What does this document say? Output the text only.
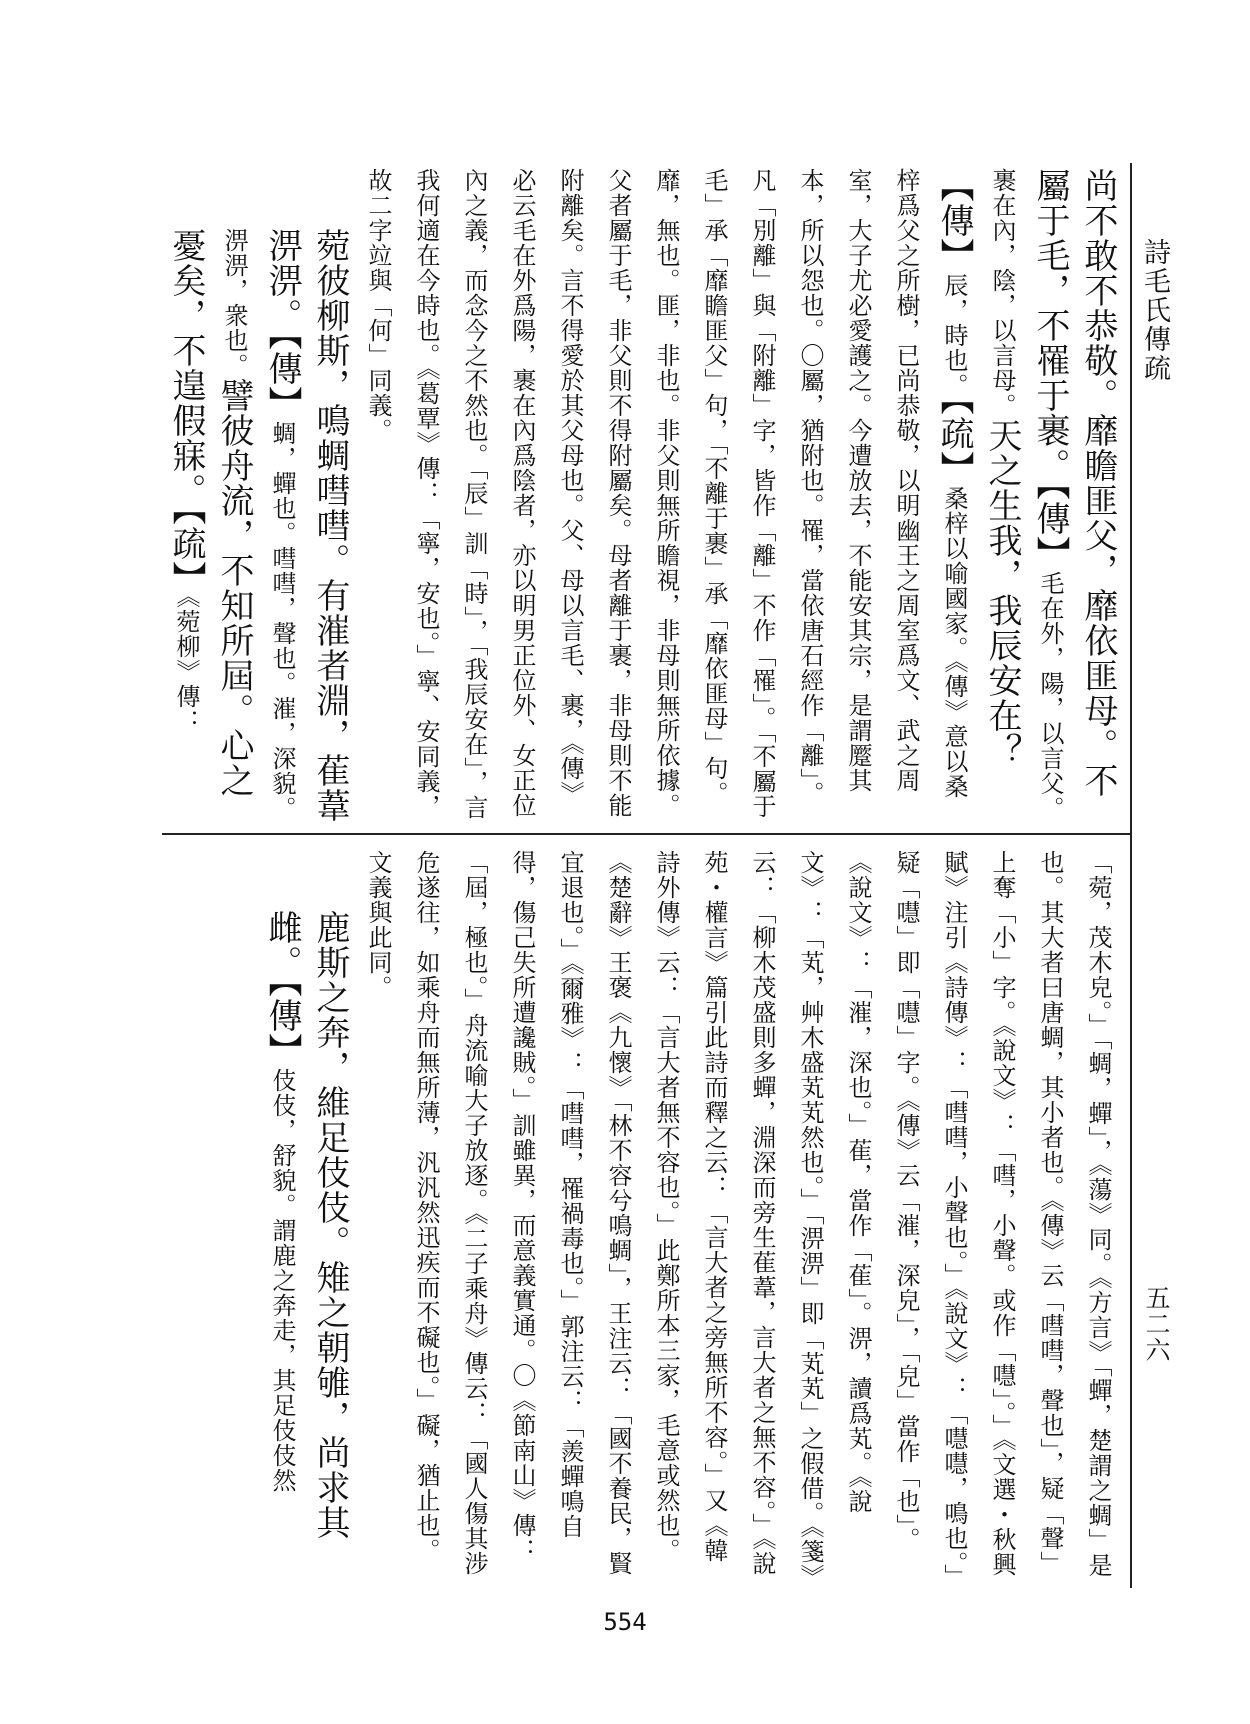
詩毛氏傳疏
五二六

尚不敢不恭敬。靡瞻匪父，靡依匪母。不屬于毛，不罹于裹。【傳】毛在外，陽，以言父。裹在內，陰，以言母。天之生我，我辰安在？【傳】辰，時也。【疏】桑梓以喻國家。《傳》意以桑梓爲父之所樹，已尚恭敬，以明幽王之周室爲文、武之周室，大子尤必愛護之。今遭放去，不能安其宗，是謂蹷其本，所以怨也。〇屬，猶附也。罹，當依唐石經作「離」。凡「別離」與「附離」字，皆作「離」不作「罹」。「不屬于毛」承「靡瞻匪父」句，「不離于裹」承「靡依匪母」句。靡，無也。匪，非也。非父則無所瞻視，非母則無所依據。父者屬于毛，非父則不得附屬矣。母者離于裹，非母則不能附離矣。言不得愛於其父母也。父、母以言毛、裹，《傳》必云毛在外爲陽，裹在內爲陰者，亦以明男正位外、女正位內之義，而念今之不然也。「辰」訓「時」，「我辰安在」，言我何適在今時也。《葛覃》傳：「寧，安也。」寧、安同義，故二字竝與「何」同義。

菀彼柳斯，鳴蜩嘒嘒。有漼者淵，萑葦淠淠。【傳】蜩，蟬也。嘒嘒，聲也。漼，深貌。淠淠，衆也。譬彼舟流，不知所屆。心之憂矣，不遑假寐。【疏】《菀柳》傳：

「菀，茂木皃。」「蜩，蟬」，《蕩》同。《方言》「蟬，楚謂之蜩」是也。其大者曰唐蜩，其小者也。《傳》云「嘒嘒，聲也」，疑「聲」上奪「小」字。《說文》：「嘒，小聲。或作「嚖」。」《文選・秋興賦》注引《詩傳》：「嘒嘒，小聲也。」《說文》：「嚖嚖，鳴也。」疑「嚖」即「嚖」字。《傳》云「漼，深皃」，「皃」當作「也」。《說文》：「漼，深也。」萑，當作「萑」。淠，讀爲芄。《說文》：「芄，艸木盛芄芄然也。」「淠淠」即「芄芄」之假借。《箋》云：「柳木茂盛則多蟬，淵深而旁生萑葦，言大者之無不容。」《說苑・權言》篇引此詩而釋之云：「言大者之旁無所不容。」又《韓詩外傳》云：「言大者無不容也。」此鄭所本三家，毛意或然也。《楚辭》王褒《九懷》「林不容兮鳴蜩」，王注云：「國不養民，賢宜退也。」《爾雅》：「嘒嘒，罹禍毒也。」郭注云：「羨蟬鳴自得，傷己失所遭讒賊。」訓雖異，而意義實通。〇《節南山》傳：「屆，極也。」舟流喻大子放逐。《二子乘舟》傳云：「國人傷其涉危遂往，如乘舟而無所薄，汎汎然迅疾而不礙也。」礙，猶止也。文義與此同。

鹿斯之奔，維足伎伎。雉之朝雊，尚求其雌。【傳】伎伎，舒貌。謂鹿之奔走，其足伎伎然

554
